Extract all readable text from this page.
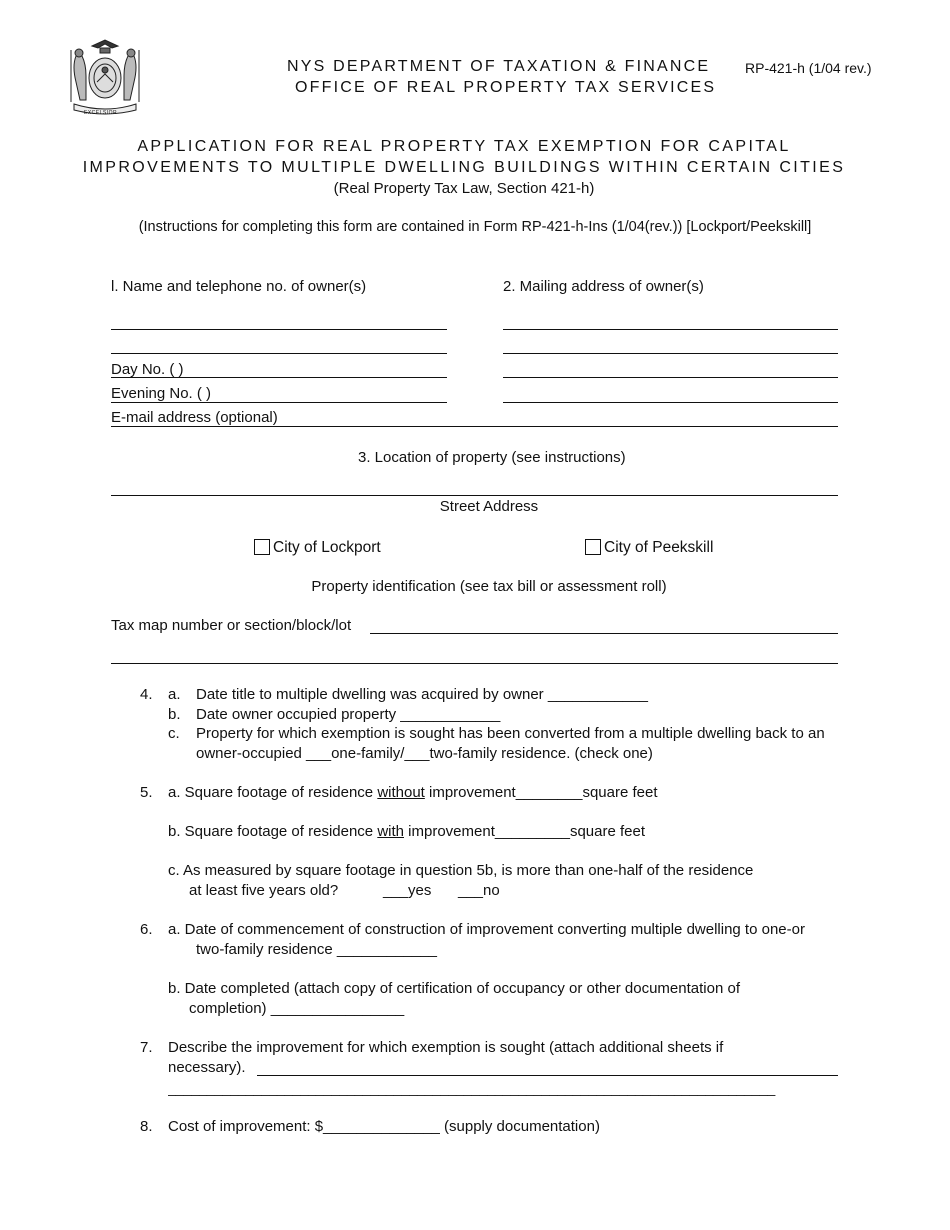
EXCELSIOR
NYS DEPARTMENT OF TAXATION & FINANCE
OFFICE OF REAL PROPERTY TAX SERVICES
RP-421-h (1/04 rev.)
APPLICATION FOR REAL PROPERTY TAX EXEMPTION FOR CAPITAL
IMPROVEMENTS TO MULTIPLE DWELLING BUILDINGS WITHIN CERTAIN CITIES
(Real Property Tax Law, Section 421-h)
(Instructions for completing this form are contained in Form RP-421-h-Ins (1/04(rev.)) [Lockport/Peekskill]
l. Name and telephone no. of owner(s)
Day No. ( )
Evening No. ( )
E-mail address (optional)
2. Mailing address of owner(s)
3. Location of property (see instructions)
Street Address
City of Lockport	City of Peekskill
Property identification (see tax bill or assessment roll)
Tax map number or section/block/lot
4. a. Date title to multiple dwelling was acquired by owner ____________
b. Date owner occupied property ____________
c. Property for which exemption is sought has been converted from a multiple dwelling back to an
owner-occupied ___one-family/___two-family residence. (check one)
5. a. Square footage of residence without improvement________square feet
b. Square footage of residence with improvement_________square feet
c. As measured by square footage in question 5b, is more than one-half of the residence
at least five years old?	___yes ___no
6. a. Date of commencement of construction of improvement converting multiple dwelling to one-or
two-family residence ____________
b. Date completed (attach copy of certification of occupancy or other documentation of
completion) ________________
7. Describe the improvement for which exemption is sought (attach additional sheets if
necessary).
______________________________________________________________________________
8. Cost of improvement: $______________ (supply documentation)
